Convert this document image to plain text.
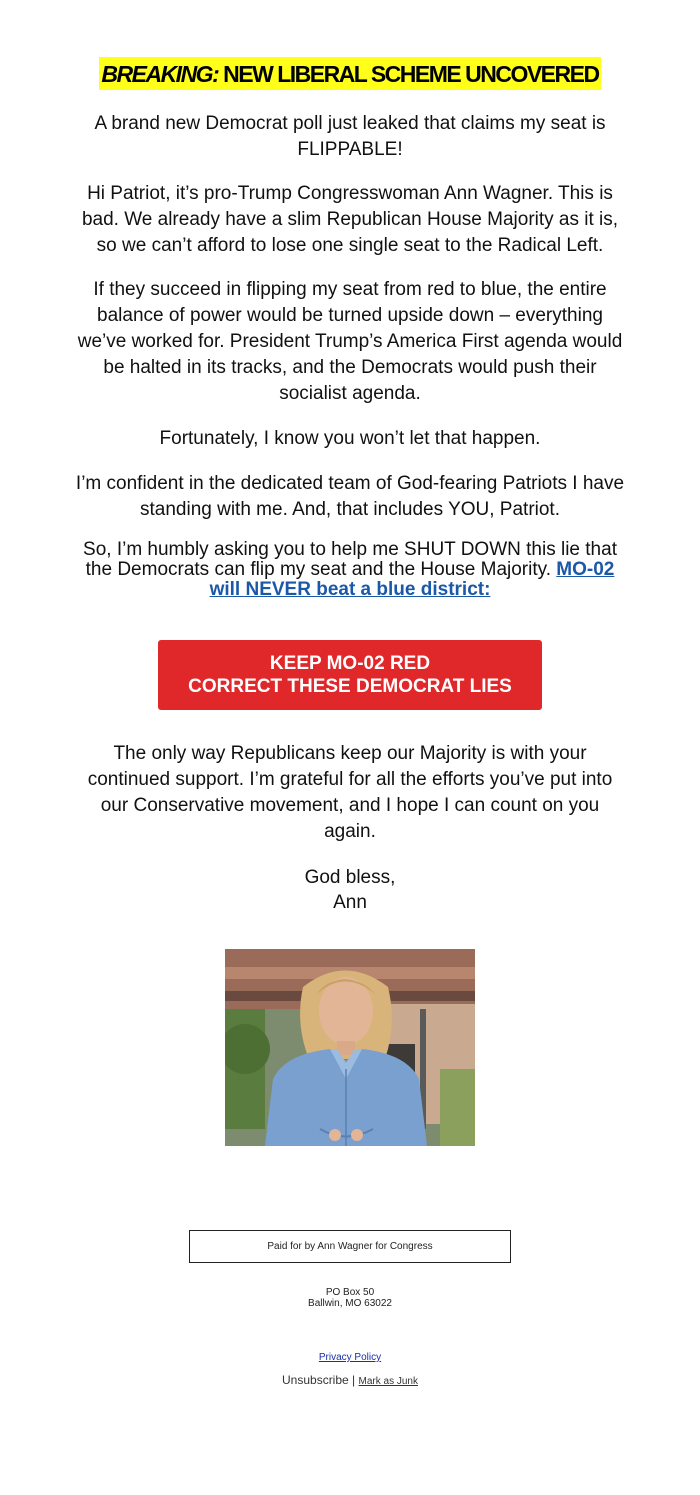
BREAKING: NEW LIBERAL SCHEME UNCOVERED

A brand new Democrat poll just leaked that claims my seat is FLIPPABLE!

Hi Patriot, it’s pro-Trump Congresswoman Ann Wagner. This is bad. We already have a slim Republican House Majority as it is, so we can’t afford to lose one single seat to the Radical Left.

If they succeed in flipping my seat from red to blue, the entire balance of power would be turned upside down – everything we’ve worked for. President Trump’s America First agenda would be halted in its tracks, and the Democrats would push their socialist agenda.

Fortunately, I know you won’t let that happen.

I’m confident in the dedicated team of God-fearing Patriots I have standing with me. And, that includes YOU, Patriot.

So, I’m humbly asking you to help me SHUT DOWN this lie that the Democrats can flip my seat and the House Majority. MO-02 will NEVER beat a blue district:

KEEP MO-02 RED
CORRECT THESE DEMOCRAT LIES

The only way Republicans keep our Majority is with your continued support. I’m grateful for all the efforts you’ve put into our Conservative movement, and I hope I can count on you again.

God bless,
Ann

Paid for by Ann Wagner for Congress
PO Box 50
Ballwin, MO 63022
Privacy Policy
Unsubscribe | Mark as Junk
